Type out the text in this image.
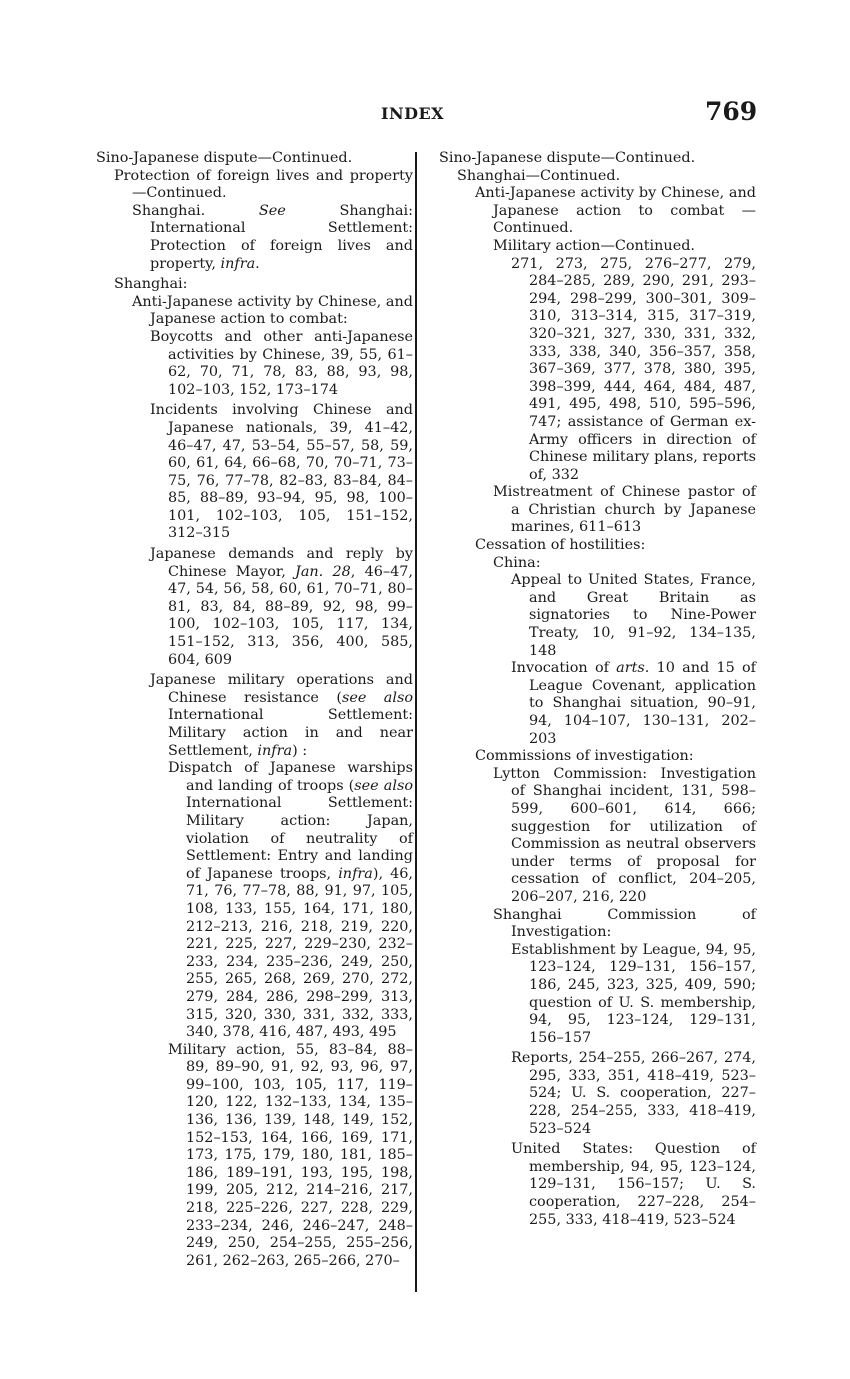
INDEX	769

Sino-Japanese dispute—Continued.

Protection of foreign lives and property—Continued.

Shanghai. See Shanghai: International Settlement: Protection of foreign lives and property, infra.

Shanghai:

Anti-Japanese activity by Chinese, and Japanese action to combat:

Boycotts and other anti-Japanese activities by Chinese, 39, 55, 61–62, 70, 71, 78, 83, 88, 93, 98, 102–103, 152, 173–174

Incidents involving Chinese and Japanese nationals, 39, 41–42, 46–47, 47, 53–54, 55–57, 58, 59, 60, 61, 64, 66–68, 70, 70–71, 73–75, 76, 77–78, 82–83, 83–84, 84–85, 88–89, 93–94, 95, 98, 100–101, 102–103, 105, 151–152, 312–315

Japanese demands and reply by Chinese Mayor, Jan. 28, 46–47, 47, 54, 56, 58, 60, 61, 70–71, 80–81, 83, 84, 88–89, 92, 98, 99–100, 102–103, 105, 117, 134, 151–152, 313, 356, 400, 585, 604, 609

Japanese military operations and Chinese resistance (see also International Settlement: Military action in and near Settlement, infra) :

Dispatch of Japanese warships and landing of troops (see also International Settlement: Military action: Japan, violation of neutrality of Settlement: Entry and landing of Japanese troops, infra), 46, 71, 76, 77–78, 88, 91, 97, 105, 108, 133, 155, 164, 171, 180, 212–213, 216, 218, 219, 220, 221, 225, 227, 229–230, 232–233, 234, 235–236, 249, 250, 255, 265, 268, 269, 270, 272, 279, 284, 286, 298–299, 313, 315, 320, 330, 331, 332, 333, 340, 378, 416, 487, 493, 495

Military action, 55, 83–84, 88–89, 89–90, 91, 92, 93, 96, 97, 99–100, 103, 105, 117, 119–120, 122, 132–133, 134, 135–136, 136, 139, 148, 149, 152, 152–153, 164, 166, 169, 171, 173, 175, 179, 180, 181, 185–186, 189–191, 193, 195, 198, 199, 205, 212, 214–216, 217, 218, 225–226, 227, 228, 229, 233–234, 246, 246–247, 248–249, 250, 254–255, 255–256, 261, 262–263, 265–266, 270–

Sino-Japanese dispute—Continued.

Shanghai—Continued.

Anti-Japanese activity by Chinese, and Japanese action to combat —Continued.

Military action—Continued.

271, 273, 275, 276–277, 279, 284–285, 289, 290, 291, 293–294, 298–299, 300–301, 309–310, 313–314, 315, 317–319, 320–321, 327, 330, 331, 332, 333, 338, 340, 356–357, 358, 367–369, 377, 378, 380, 395, 398–399, 444, 464, 484, 487, 491, 495, 498, 510, 595–596, 747; assistance of German ex-Army officers in direction of Chinese military plans, reports of, 332

Mistreatment of Chinese pastor of a Christian church by Japanese marines, 611–613

Cessation of hostilities:

China:

Appeal to United States, France, and Great Britain as signatories to Nine-Power Treaty, 10, 91–92, 134–135, 148

Invocation of arts. 10 and 15 of League Covenant, application to Shanghai situation, 90–91, 94, 104–107, 130–131, 202–203

Commissions of investigation:

Lytton Commission: Investigation of Shanghai incident, 131, 598–599, 600–601, 614, 666; suggestion for utilization of Commission as neutral observers under terms of proposal for cessation of conflict, 204–205, 206–207, 216, 220

Shanghai Commission of Investigation:

Establishment by League, 94, 95, 123–124, 129–131, 156–157, 186, 245, 323, 325, 409, 590; question of U. S. membership, 94, 95, 123–124, 129–131, 156–157

Reports, 254–255, 266–267, 274, 295, 333, 351, 418–419, 523–524; U. S. cooperation, 227–228, 254–255, 333, 418–419, 523–524

United States: Question of membership, 94, 95, 123–124, 129–131, 156–157; U. S. cooperation, 227–228, 254–255, 333, 418–419, 523–524
